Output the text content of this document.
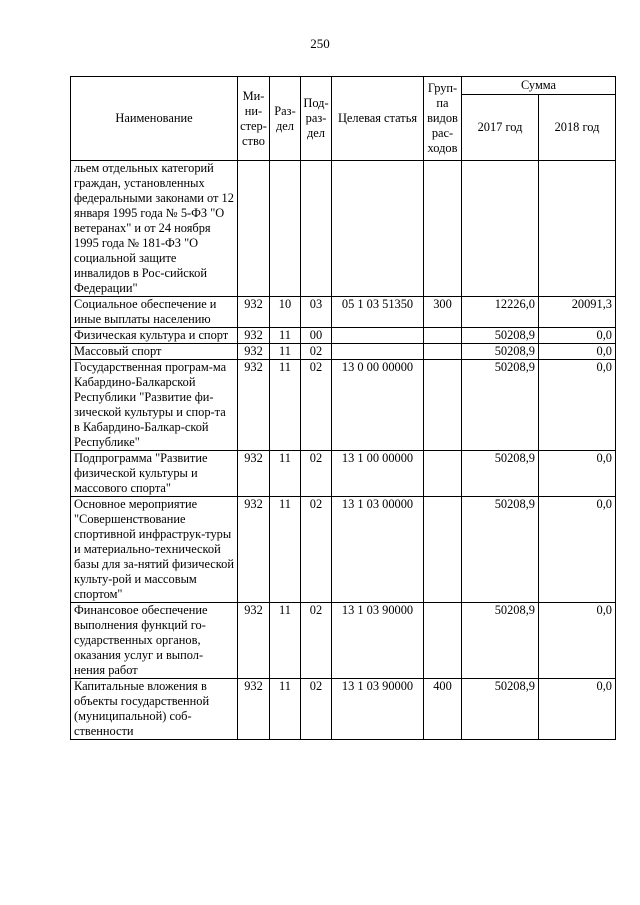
250
Наименование	Ми-ни-стер-ство	Раз-дел	Под-раз-дел	Целевая статья	Груп-па видов рас-ходов	Сумма	
						2017 год	2018 год
льем отдельных категорий граждан, установленных федеральными законами от 12 января 1995 года № 5-ФЗ "О ветеранах" и от 24 ноября 1995 года № 181-ФЗ "О социальной защите инвалидов в Рос-сийской Федерации"							
Социальное обеспечение и иные выплаты населению	932	10	03	05 1 03 51350	300	12226,0	20091,3
Физическая культура и спорт	932	11	00			50208,9	0,0
Массовый спорт	932	11	02			50208,9	0,0
Государственная програм-ма Кабардино-Балкарской Республики "Развитие фи-зической культуры и спор-та в Кабардино-Балкар-ской Республике"	932	11	02	13 0 00 00000		50208,9	0,0
Подпрограмма "Развитие физической культуры и массового спорта"	932	11	02	13 1 00 00000		50208,9	0,0
Основное мероприятие "Совершенствование спортивной инфраструк-туры и материально-технической базы для за-нятий физической культу-рой и массовым спортом"	932	11	02	13 1 03 00000		50208,9	0,0
Финансовое обеспечение выполнения функций го-сударственных органов, оказания услуг и выпол-нения работ	932	11	02	13 1 03 90000		50208,9	0,0
Капитальные вложения в объекты государственной (муниципальной) соб-ственности	932	11	02	13 1 03 90000	400	50208,9	0,0
